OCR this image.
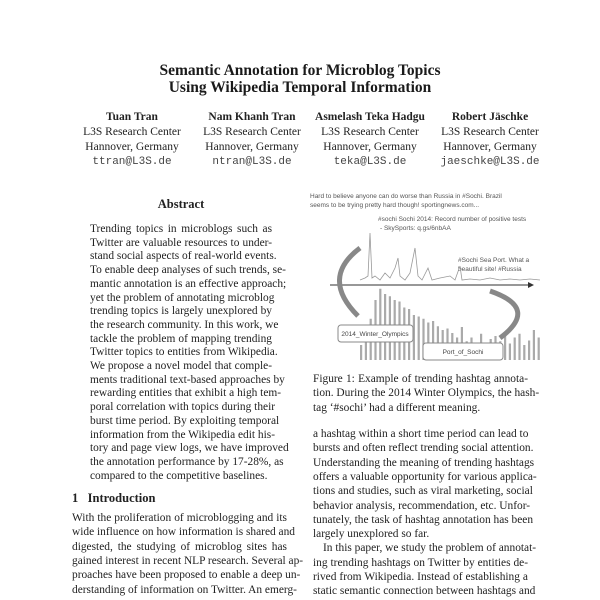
Semantic Annotation for Microblog Topics
Using Wikipedia Temporal Information
Abstract
1   Introduction
Hard to believe anyone can do worse than Russia in #Sochi. Brazil
seems to be trying pretty hard though! sportingnews.com...
#sochi Sochi 2014: Record number of positive tests
- SkySports: q.gs/6nbAA
#Sochi Sea Port. What a
beautiful site! #Russia
2014_Winter_Olympics
Port_of_Sochi
Tuan Tran
L3S Research Center
Hannover, Germany
ttran@L3S.de
Nam Khanh Tran
L3S Research Center
Hannover, Germany
ntran@L3S.de
Asmelash Teka Hadgu
L3S Research Center
Hannover, Germany
teka@L3S.de
Robert Jäschke
L3S Research Center
Hannover, Germany
jaeschke@L3S.de
Trending topics in microblogs such as
Twitter are valuable resources to under-
stand social aspects of real-world events.
To enable deep analyses of such trends, se-
mantic annotation is an effective approach;
yet the problem of annotating microblog
trending topics is largely unexplored by
the research community. In this work, we
tackle the problem of mapping trending
Twitter topics to entities from Wikipedia.
We propose a novel model that comple-
ments traditional text-based approaches by
rewarding entities that exhibit a high tem-
poral correlation with topics during their
burst time period. By exploiting temporal
information from the Wikipedia edit his-
tory and page view logs, we have improved
the annotation performance by 17-28%, as
compared to the competitive baselines.
With the proliferation of microblogging and its
wide influence on how information is shared and
digested, the studying of microblog sites has
gained interest in recent NLP research. Several ap-
proaches have been proposed to enable a deep un-
derstanding of information on Twitter. An emerg-
Figure 1: Example of trending hashtag annota-
tion. During the 2014 Winter Olympics, the hash-
tag ‘#sochi’ had a different meaning.
a hashtag within a short time period can lead to
bursts and often reflect trending social attention.
Understanding the meaning of trending hashtags
offers a valuable opportunity for various applica-
tions and studies, such as viral marketing, social
behavior analysis, recommendation, etc. Unfor-
tunately, the task of hashtag annotation has been
largely unexplored so far.
In this paper, we study the problem of annotat-
ing trending hashtags on Twitter by entities de-
rived from Wikipedia. Instead of establishing a
static semantic connection between hashtags and
